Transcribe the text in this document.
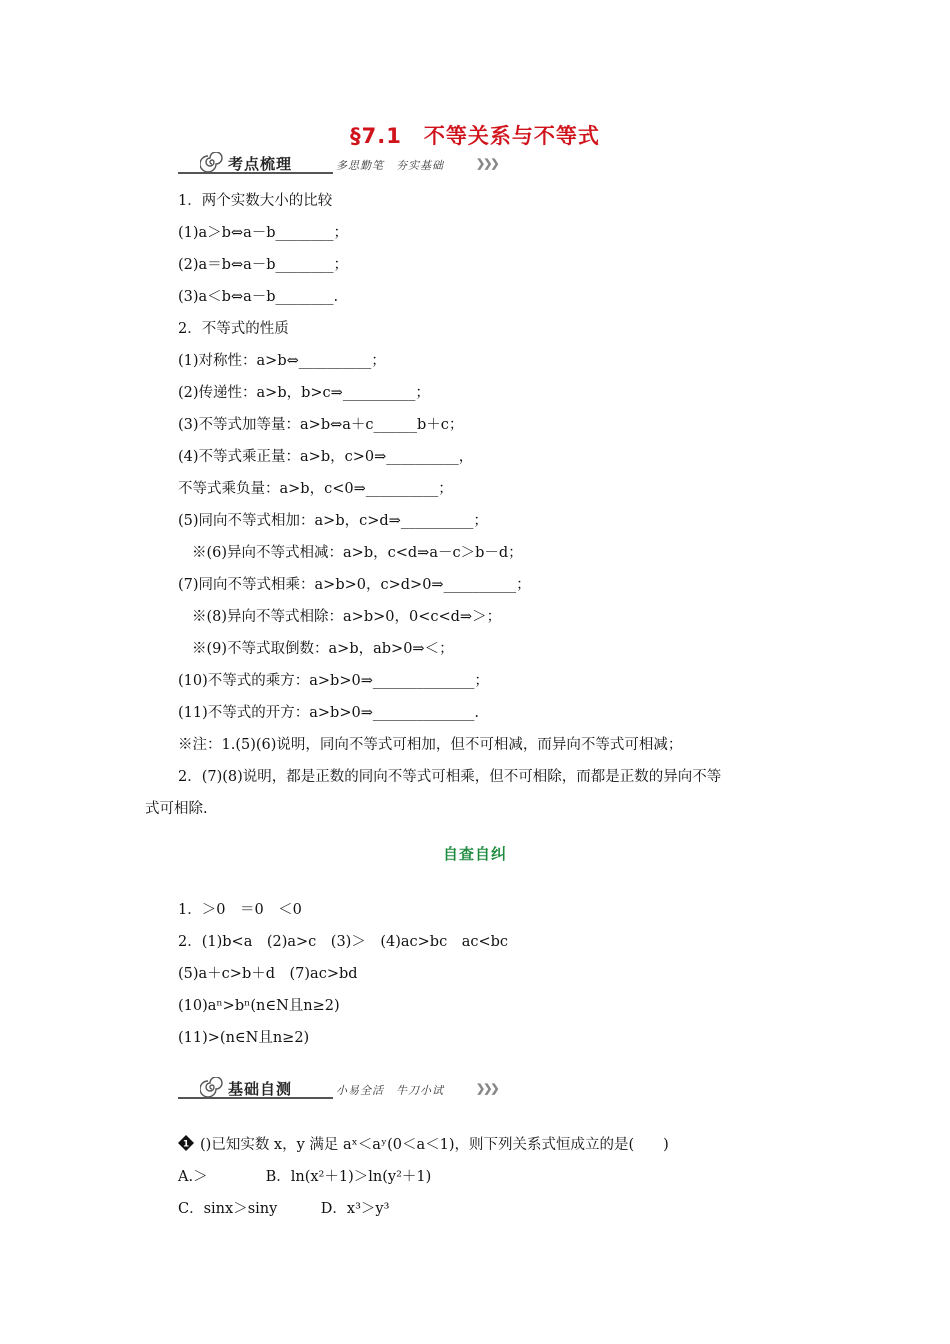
§7.1　不等关系与不等式
考点梳理	多思勤笔　夯实基础	❯❯❯
1．两个实数大小的比较
(1)a＞b⇔a－b________；
(2)a＝b⇔a－b________；
(3)a＜b⇔a－b________.
2．不等式的性质
(1)对称性：a>b⇔__________；
(2)传递性：a>b，b>c⇒__________；
(3)不等式加等量：a>b⇔a＋c______b＋c；
(4)不等式乘正量：a>b，c>0⇒__________，
不等式乘负量：a>b，c<0⇒__________；
(5)同向不等式相加：a>b，c>d⇒__________；
※(6)异向不等式相减：a>b，c<d⇒a－c＞b－d；
(7)同向不等式相乘：a>b>0，c>d>0⇒__________；
※(8)异向不等式相除：a>b>0，0<c<d⇒＞；
※(9)不等式取倒数：a>b，ab>0⇒＜；
(10)不等式的乘方：a>b>0⇒______________；
(11)不等式的开方：a>b>0⇒______________.
※注：1.(5)(6)说明，同向不等式可相加，但不可相减，而异向不等式可相减；
2．(7)(8)说明，都是正数的同向不等式可相乘，但不可相除，而都是正数的异向不等
式可相除.
自查自纠
1．＞0　＝0　＜0
2．(1)b<a　(2)a>c　(3)＞　(4)ac>bc　ac<bc
(5)a＋c>b＋d　(7)ac>bd
(10)aⁿ>bⁿ(n∈N且n≥2)
(11)>(n∈N且n≥2)
基础自测	小易全活　牛刀小试	❯❯❯
1 ()已知实数 x，y 满足 aˣ＜aʸ(0＜a＜1)，则下列关系式恒成立的是(　　)
A.＞　　　　B．ln(x²＋1)＞ln(y²＋1)
C．sinx＞siny　　　D．x³＞y³
